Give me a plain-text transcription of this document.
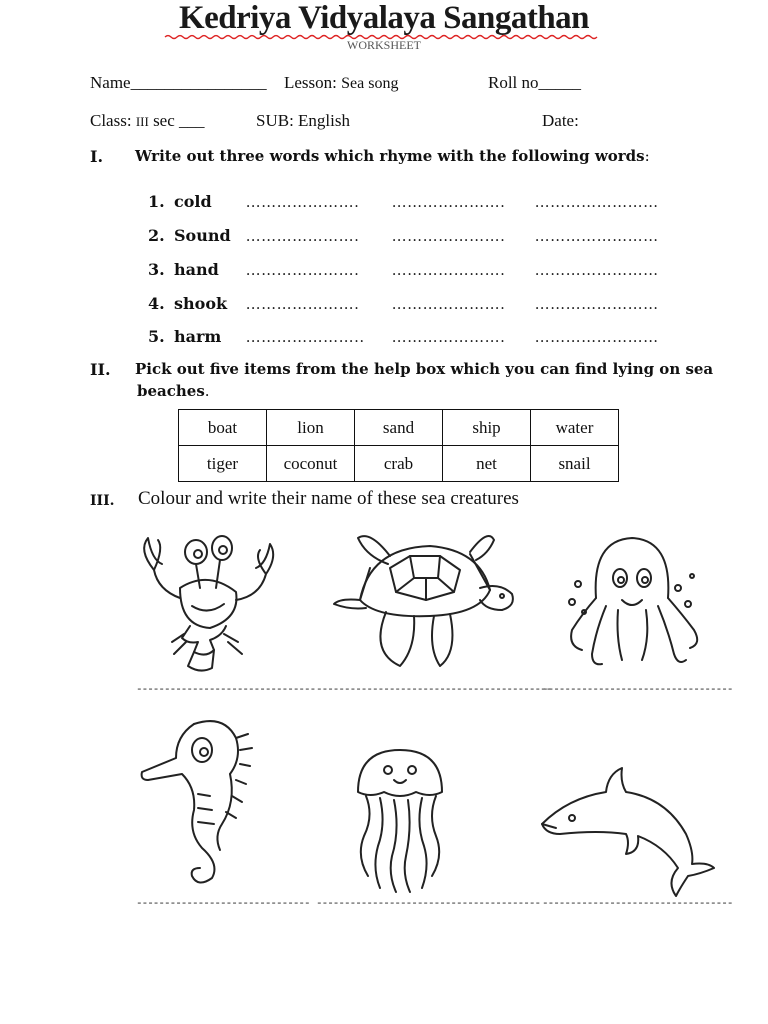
Kedriya Vidyalaya Sangathan
WORKSHEET
Name________________ Lesson: Sea song	Roll no_____
Class: III sec ___	SUB: English	Date:
I. Write out three words which rhyme with the following words:
1. cold …………………. …………………. ……………………
2. Sound …………………. …………………. ……………………
3. hand …………………. …………………. ……………………
4. shook …………………. …………………. ……………………
5. harm ………………….. …………………. ……………………
II. Pick out five items from the help box which you can find lying on sea
beaches.
boat	lion	sand	ship	water
tiger	coconut	crab	net	snail
III. Colour and write their name of these sea creatures
-------------------------------- ------------------------------------------
----------------------------------
------------------------------- ---------------------------------------- ----------------------------------
